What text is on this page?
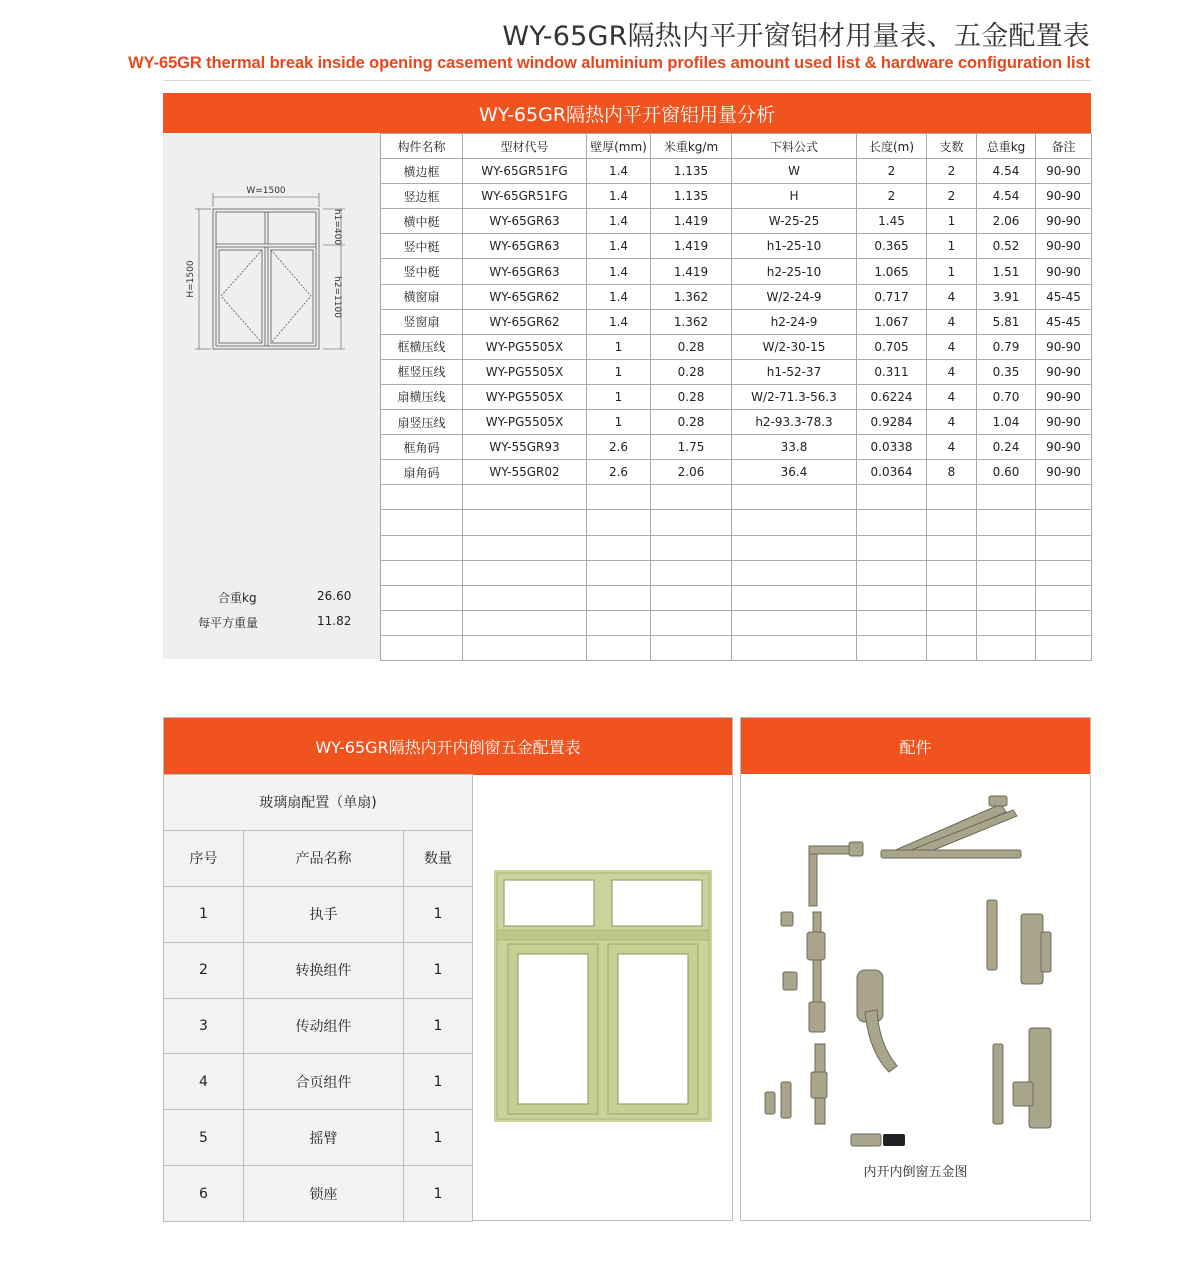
WY-65GR隔热内平开窗铝材用量表、五金配置表
WY-65GR thermal break inside opening casement window aluminium profiles amount used list & hardware configuration list
WY-65GR隔热内平开窗铝用量分析
W=1500
H=1500
h1=400
h2=1100
合重kg	26.60
每平方重量	11.82
构件名称	型材代号	壁厚(mm)	米重kg/m	下料公式	长度(m)	支数	总重kg	备注
横边框	WY-65GR51FG	1.4	1.135	W	2	2	4.54	90-90
竖边框	WY-65GR51FG	1.4	1.135	H	2	2	4.54	90-90
横中梃	WY-65GR63	1.4	1.419	W-25-25	1.45	1	2.06	90-90
竖中梃	WY-65GR63	1.4	1.419	h1-25-10	0.365	1	0.52	90-90
竖中梃	WY-65GR63	1.4	1.419	h2-25-10	1.065	1	1.51	90-90
横窗扇	WY-65GR62	1.4	1.362	W/2-24-9	0.717	4	3.91	45-45
竖窗扇	WY-65GR62	1.4	1.362	h2-24-9	1.067	4	5.81	45-45
框横压线	WY-PG5505X	1	0.28	W/2-30-15	0.705	4	0.79	90-90
框竖压线	WY-PG5505X	1	0.28	h1-52-37	0.311	4	0.35	90-90
扇横压线	WY-PG5505X	1	0.28	W/2-71.3-56.3	0.6224	4	0.70	90-90
扇竖压线	WY-PG5505X	1	0.28	h2-93.3-78.3	0.9284	4	1.04	90-90
框角码	WY-55GR93	2.6	1.75	33.8	0.0338	4	0.24	90-90
扇角码	WY-55GR02	2.6	2.06	36.4	0.0364	8	0.60	90-90

WY-65GR隔热内开内倒窗五金配置表
玻璃扇配置（单扇)		
序号	产品名称	数量
1	执手	1
2	转换组件	1
3	传动组件	1
4	合页组件	1
5	摇臂	1
6	锁座	1
配件
内开内倒窗五金图
